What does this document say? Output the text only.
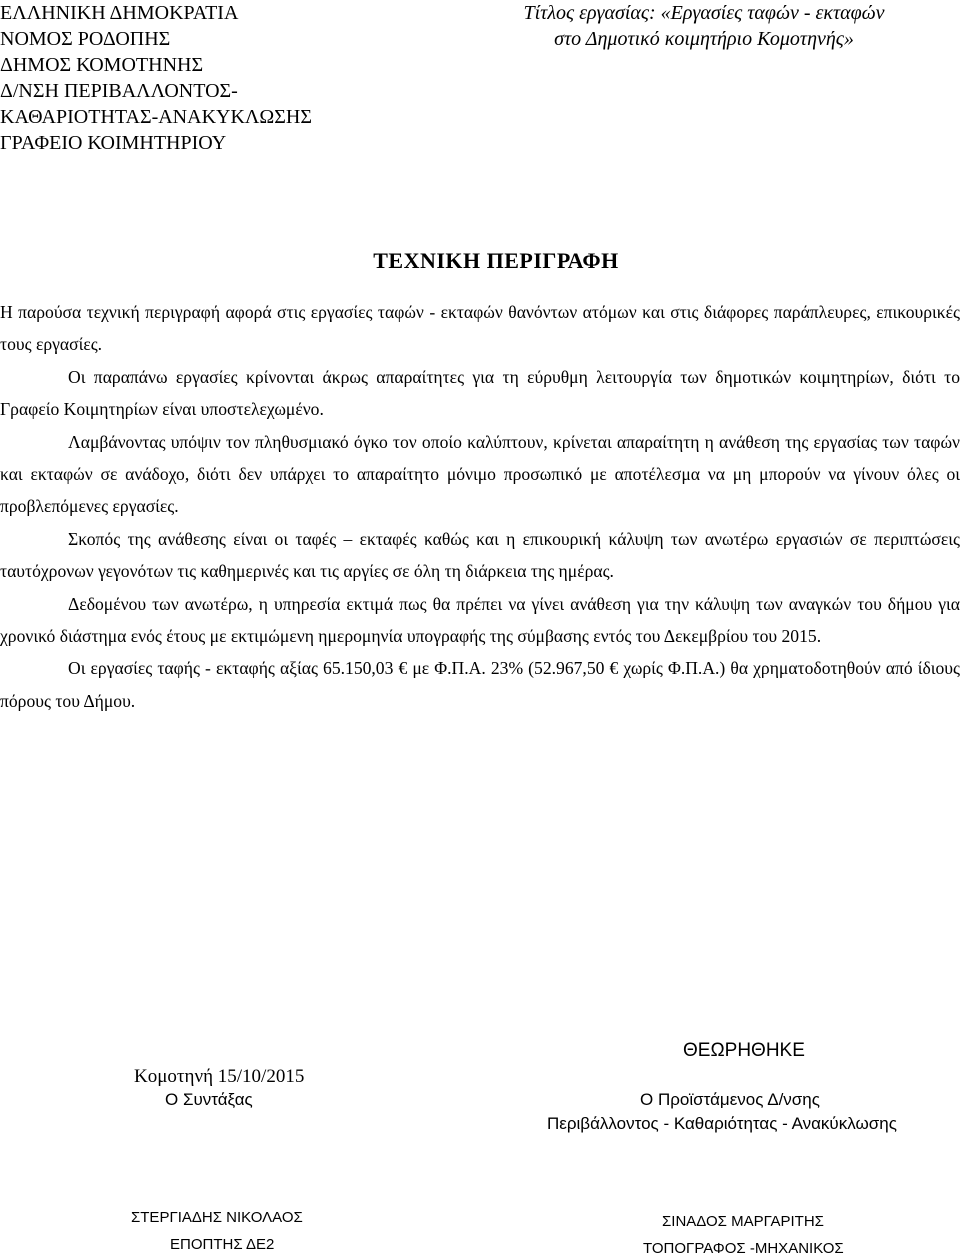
ΕΛΛΗΝΙΚΗ ΔΗΜΟΚΡΑΤΙΑ
ΝΟΜΟΣ ΡΟΔΟΠΗΣ
ΔΗΜΟΣ ΚΟΜΟΤΗΝΗΣ
Δ/ΝΣΗ ΠΕΡΙΒΑΛΛΟΝΤΟΣ-
ΚΑΘΑΡΙΟΤΗΤΑΣ-ΑΝΑΚΥΚΛΩΣΗΣ
ΓΡΑΦΕΙΟ ΚΟΙΜΗΤΗΡΙΟΥ
Τίτλος εργασίας: «Εργασίες ταφών - εκταφών
στο Δημοτικό κοιμητήριο Κομοτηνής»
ΤΕΧΝΙΚΗ ΠΕΡΙΓΡΑΦΗ

Η παρούσα τεχνική περιγραφή αφορά στις εργασίες ταφών - εκταφών θανόντων ατόμων και στις διάφορες παράπλευρες, επικουρικές τους εργασίες.

Οι παραπάνω εργασίες κρίνονται άκρως απαραίτητες για τη εύρυθμη λειτουργία των δημοτικών κοιμητηρίων, διότι το Γραφείο Κοιμητηρίων είναι υποστελεχωμένο.

Λαμβάνοντας υπόψιν τον πληθυσμιακό όγκο τον οποίο καλύπτουν, κρίνεται απαραίτητη η ανάθεση της εργασίας των ταφών και εκταφών σε ανάδοχο, διότι δεν υπάρχει το απαραίτητο μόνιμο προσωπικό με αποτέλεσμα να μη μπορούν να γίνουν όλες οι προβλεπόμενες εργασίες.

Σκοπός της ανάθεσης είναι οι ταφές – εκταφές καθώς και η επικουρική κάλυψη των ανωτέρω εργασιών σε περιπτώσεις ταυτόχρονων γεγονότων τις καθημερινές και τις αργίες σε όλη τη διάρκεια της ημέρας.

Δεδομένου των ανωτέρω, η υπηρεσία εκτιμά πως θα πρέπει να γίνει ανάθεση για την κάλυψη των αναγκών του δήμου για χρονικό διάστημα ενός έτους με εκτιμώμενη ημερομηνία υπογραφής της σύμβασης εντός του Δεκεμβρίου του 2015.

Οι εργασίες ταφής - εκταφής αξίας 65.150,03 € με Φ.Π.Α. 23% (52.967,50 € χωρίς Φ.Π.Α.) θα χρηματοδοτηθούν από ίδιους πόρους του Δήμου.

Κομοτηνή 15/10/2015
Ο Συντάξας
ΘΕΩΡΗΘΗΚΕ
Ο Προϊστάμενος Δ/νσης
Περιβάλλοντος - Καθαριότητας - Ανακύκλωσης
ΣΤΕΡΓΙΑΔΗΣ ΝΙΚΟΛΑΟΣ
ΕΠΟΠΤΗΣ ΔΕ2
ΣΙΝΑΔΟΣ ΜΑΡΓΑΡΙΤΗΣ
ΤΟΠΟΓΡΑΦΟΣ -ΜΗΧΑΝΙΚΟΣ
